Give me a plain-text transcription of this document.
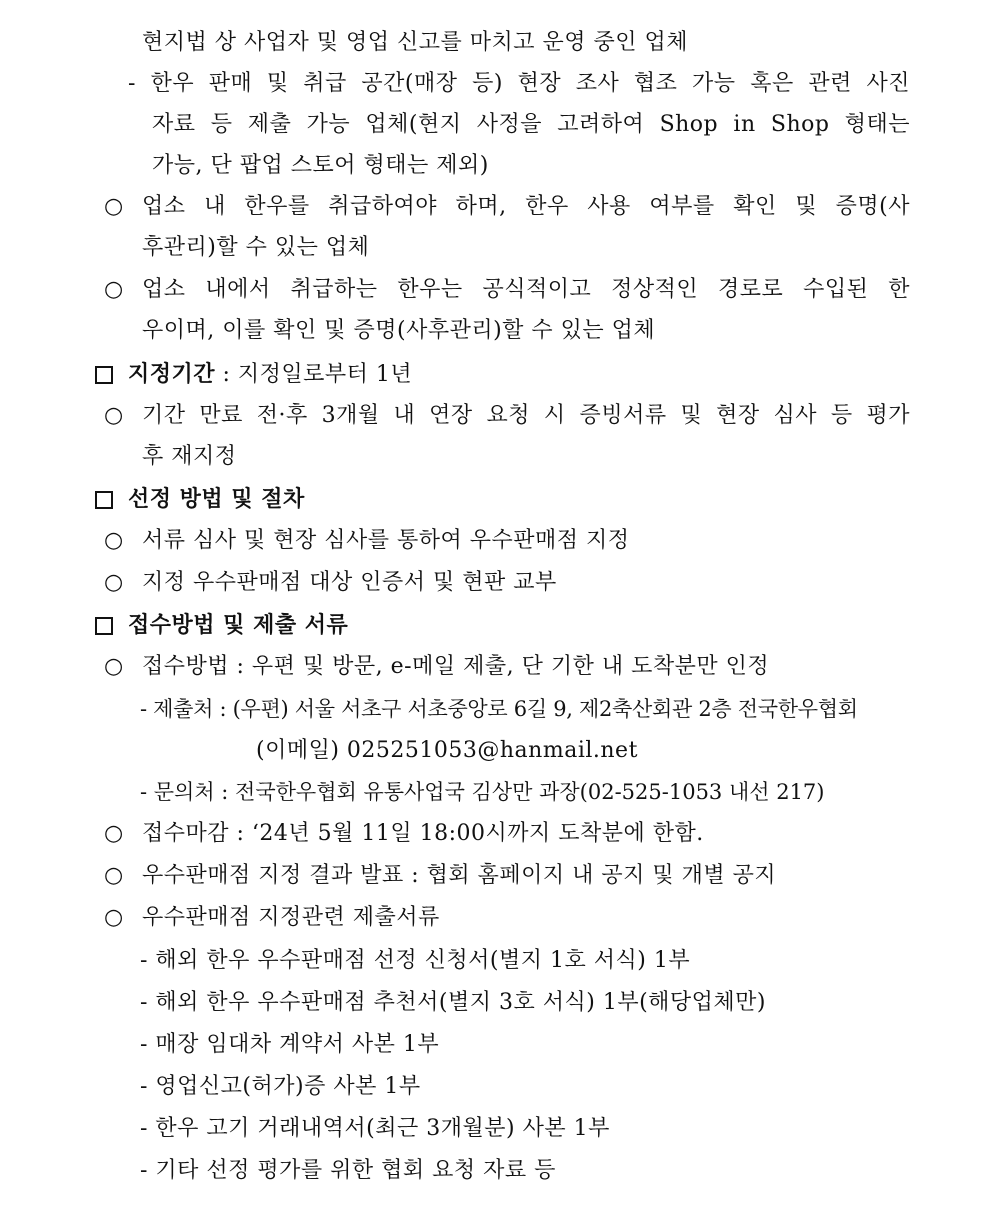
현지법 상 사업자 및 영업 신고를 마치고 운영 중인 업체
- 한우 판매 및 취급 공간(매장 등) 현장 조사 협조 가능 혹은 관련 사진
자료 등 제출 가능 업체(현지 사정을 고려하여 Shop in Shop 형태는
가능, 단 팝업 스토어 형태는 제외)
○ 업소 내 한우를 취급하여야 하며, 한우 사용 여부를 확인 및 증명(사
후관리)할 수 있는 업체
○ 업소 내에서 취급하는 한우는 공식적이고 정상적인 경로로 수입된 한
우이며, 이를 확인 및 증명(사후관리)할 수 있는 업체
지정기간 : 지정일로부터 1년
○ 기간 만료 전·후 3개월 내 연장 요청 시 증빙서류 및 현장 심사 등 평가
후 재지정
선정 방법 및 절차
○ 서류 심사 및 현장 심사를 통하여 우수판매점 지정
○ 지정 우수판매점 대상 인증서 및 현판 교부
접수방법 및 제출 서류
○ 접수방법 : 우편 및 방문, e-메일 제출, 단 기한 내 도착분만 인정
- 제출처 : (우편) 서울 서초구 서초중앙로 6길 9, 제2축산회관 2층 전국한우협회
(이메일) 025251053@hanmail.net
- 문의처 : 전국한우협회 유통사업국 김상만 과장(02-525-1053 내선 217)
○ 접수마감 : ‘24년 5월 11일 18:00시까지 도착분에 한함.
○ 우수판매점 지정 결과 발표 : 협회 홈페이지 내 공지 및 개별 공지
○ 우수판매점 지정관련 제출서류
- 해외 한우 우수판매점 선정 신청서(별지 1호 서식) 1부
- 해외 한우 우수판매점 추천서(별지 3호 서식) 1부(해당업체만)
- 매장 임대차 계약서 사본 1부
- 영업신고(허가)증 사본 1부
- 한우 고기 거래내역서(최근 3개월분) 사본 1부
- 기타 선정 평가를 위한 협회 요청 자료 등
